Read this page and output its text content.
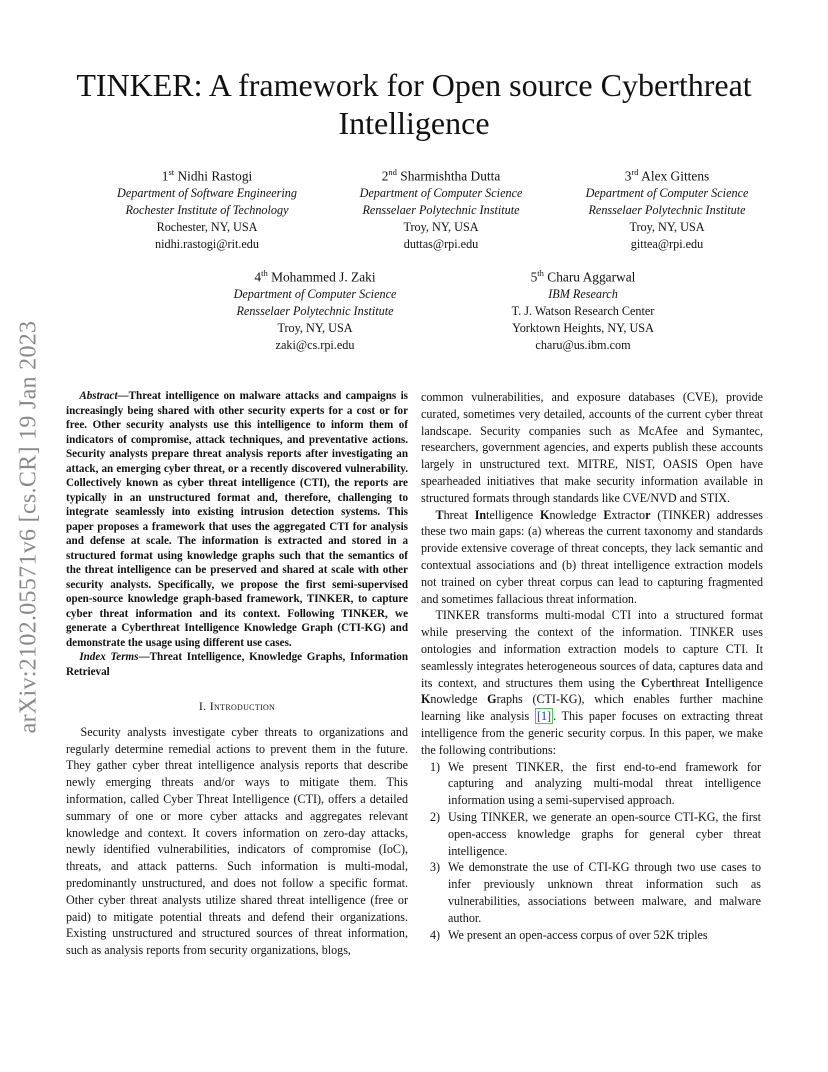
arXiv:2102.05571v6 [cs.CR] 19 Jan 2023
TINKER: A framework for Open source Cyberthreat Intelligence
1st Nidhi Rastogi
Department of Software Engineering
Rochester Institute of Technology
Rochester, NY, USA
nidhi.rastogi@rit.edu
2nd Sharmishtha Dutta
Department of Computer Science
Rensselaer Polytechnic Institute
Troy, NY, USA
duttas@rpi.edu
3rd Alex Gittens
Department of Computer Science
Rensselaer Polytechnic Institute
Troy, NY, USA
gittea@rpi.edu
4th Mohammed J. Zaki
Department of Computer Science
Rensselaer Polytechnic Institute
Troy, NY, USA
zaki@cs.rpi.edu
5th Charu Aggarwal
IBM Research
T. J. Watson Research Center
Yorktown Heights, NY, USA
charu@us.ibm.com
Abstract—Threat intelligence on malware attacks and campaigns is increasingly being shared with other security experts for a cost or for free. Other security analysts use this intelligence to inform them of indicators of compromise, attack techniques, and preventative actions. Security analysts prepare threat analysis reports after investigating an attack, an emerging cyber threat, or a recently discovered vulnerability. Collectively known as cyber threat intelligence (CTI), the reports are typically in an unstructured format and, therefore, challenging to integrate seamlessly into existing intrusion detection systems. This paper proposes a framework that uses the aggregated CTI for analysis and defense at scale. The information is extracted and stored in a structured format using knowledge graphs such that the semantics of the threat intelligence can be preserved and shared at scale with other security analysts. Specifically, we propose the first semi-supervised open-source knowledge graph-based framework, TINKER, to capture cyber threat information and its context. Following TINKER, we generate a Cyberthreat Intelligence Knowledge Graph (CTI-KG) and demonstrate the usage using different use cases.
Index Terms—Threat Intelligence, Knowledge Graphs, Information Retrieval
I. Introduction

Security analysts investigate cyber threats to organizations and regularly determine remedial actions to prevent them in the future. They gather cyber threat intelligence analysis reports that describe newly emerging threats and/or ways to mitigate them. This information, called Cyber Threat Intelligence (CTI), offers a detailed summary of one or more cyber attacks and aggregates relevant knowledge and context. It covers information on zero-day attacks, newly identified vulnerabilities, indicators of compromise (IoC), threats, and attack patterns. Such information is multi-modal, predominantly unstructured, and does not follow a specific format. Other cyber threat analysts utilize shared threat intelligence (free or paid) to mitigate potential threats and defend their organizations. Existing unstructured and structured sources of threat information, such as analysis reports from security organizations, blogs,

common vulnerabilities, and exposure databases (CVE), provide curated, sometimes very detailed, accounts of the current cyber threat landscape. Security companies such as McAfee and Symantec, researchers, government agencies, and experts publish these accounts largely in unstructured text. MITRE, NIST, OASIS Open have spearheaded initiatives that make security information available in structured formats through standards like CVE/NVD and STIX.

Threat Intelligence Knowledge Extractor (TINKER) addresses these two main gaps: (a) whereas the current taxonomy and standards provide extensive coverage of threat concepts, they lack semantic and contextual associations and (b) threat intelligence extraction models not trained on cyber threat corpus can lead to capturing fragmented and sometimes fallacious threat information.

TINKER transforms multi-modal CTI into a structured format while preserving the context of the information. TINKER uses ontologies and information extraction models to capture CTI. It seamlessly integrates heterogeneous sources of data, captures data and its context, and structures them using the Cyberthreat Intelligence Knowledge Graphs (CTI-KG), which enables further machine learning like analysis [1] . This paper focuses on extracting threat intelligence from the generic security corpus. In this paper, we make the following contributions:

1) We present TINKER, the first end-to-end framework for capturing and analyzing multi-modal threat intelligence information using a semi-supervised approach.
2) Using TINKER, we generate an open-source CTI-KG, the first open-access knowledge graphs for general cyber threat intelligence.
3) We demonstrate the use of CTI-KG through two use cases to infer previously unknown threat information such as vulnerabilities, associations between malware, and malware author.
4) We present an open-access corpus of over 52K triples
